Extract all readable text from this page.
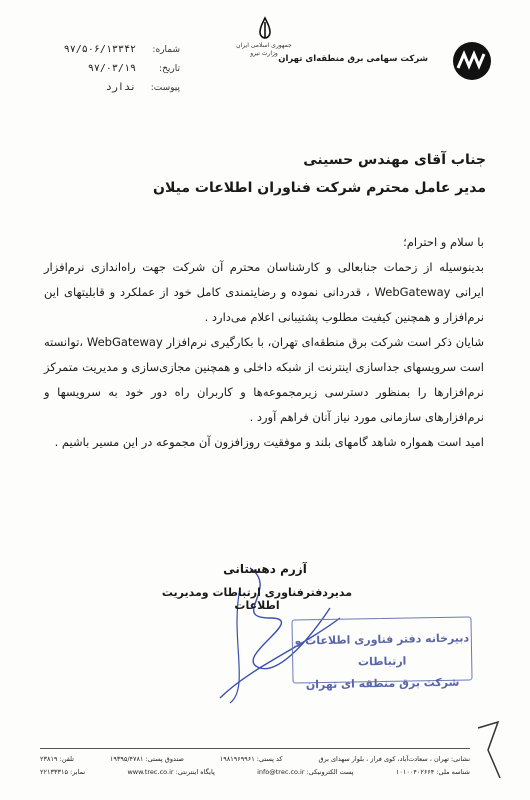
شرکت سهامی برق منطقه‌ای تهران
جمهوری اسلامی ایران
وزارت نیرو
شماره:
۹۷/۵۰۶/۱۳۳۴۲
تاریخ:
۹۷/۰۳/۱۹
پیوست:
ندارد
جناب آقای مهندس حسینی
مدیر عامل محترم شرکت فناوران اطلاعات میلان

با سلام و احترام؛

بدینوسیله از زحمات جنابعالی و کارشناسان محترم آن شرکت جهت راه‌اندازی نرم‌افزار ایرانی WebGateway ، قدردانی نموده و رضایتمندی کامل خود از عملکرد و قابلیتهای این نرم‌افزار و همچنین کیفیت مطلوب پشتیبانی اعلام می‌دارد .

شایان ذکر است شرکت برق منطقه‌ای تهران، با بکارگیری نرم‌افزار WebGateway ،توانسته است سرویسهای جداسازی اینترنت از شبکه داخلی و همچنین مجازی‌سازی و مدیریت متمرکز نرم‌افزارها را بمنظور دسترسی زیرمجموعه‌ها و کاربران راه دور خود به سرویسها و نرم‌افزارهای سازمانی مورد نیاز آنان فراهم آورد .

امید است همواره شاهد گامهای بلند و موفقیت روزافزون آن مجموعه در این مسیر باشیم .

آزرم دهستانی
مدیردفترفناوری ارتباطات ومدیریت اطلاعات
دبیرخانه دفتر فناوری اطلاعات و ارتباطات
شرکت برق منطقه ای تهران
نشانی: تهران ، سعادت‌آباد، کوی فراز ، بلوار سهدای برق
کد پستی: ۱۹۸۱۹۶۹۹۶۱
صندوق پستی: ۱۹۳۹۵/۴۷۸۱
تلفن: ۲۳۸۱۹
شناسه ملی: ۱۰۱۰۰۴۰۲۶۶۴
پست الکترونیکی: info@trec.co.ir
پایگاه اینترنتی: www.trec.co.ir
نمابر: ۲۲۱۳۳۳۱۵
